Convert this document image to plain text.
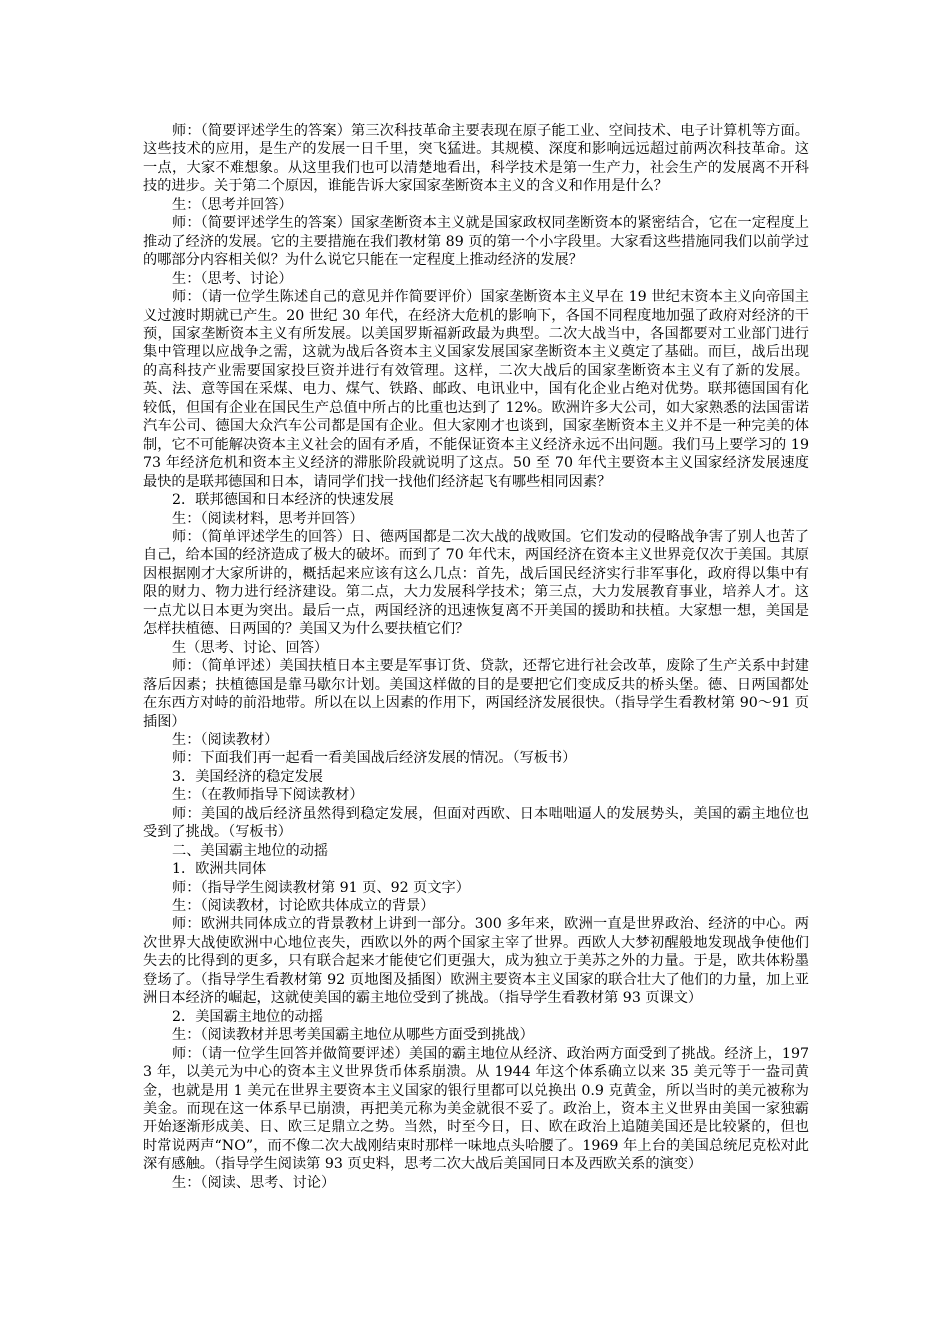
师：（简要评述学生的答案）第三次科技革命主要表现在原子能工业、空间技术、电子计算机等方面。这些技术的应用，是生产的发展一日千里，突飞猛进。其规模、深度和影响远远超过前两次科技革命。这一点，大家不难想象。从这里我们也可以清楚地看出，科学技术是第一生产力，社会生产的发展离不开科技的进步。关于第二个原因，谁能告诉大家国家垄断资本主义的含义和作用是什么？

生：（思考并回答）

师：（简要评述学生的答案）国家垄断资本主义就是国家政权同垄断资本的紧密结合，它在一定程度上推动了经济的发展。它的主要措施在我们教材第 89 页的第一个小字段里。大家看这些措施同我们以前学过的哪部分内容相关似？为什么说它只能在一定程度上推动经济的发展？

生：（思考、讨论）

师：（请一位学生陈述自己的意见并作简要评价）国家垄断资本主义早在 19 世纪末资本主义向帝国主义过渡时期就已产生。20 世纪 30 年代，在经济大危机的影响下，各国不同程度地加强了政府对经济的干预，国家垄断资本主义有所发展。以美国罗斯福新政最为典型。二次大战当中，各国都要对工业部门进行集中管理以应战争之需，这就为战后各资本主义国家发展国家垄断资本主义奠定了基础。而巨，战后出现的高科技产业需要国家投巨资并进行有效管理。这样，二次大战后的国家垄断资本主义有了新的发展。英、法、意等国在采煤、电力、煤气、铁路、邮政、电讯业中，国有化企业占绝对优势。联邦德国国有化较低，但国有企业在国民生产总值中所占的比重也达到了 12%。欧洲许多大公司，如大家熟悉的法国雷诺汽车公司、德国大众汽车公司都是国有企业。但大家刚才也谈到，国家垄断资本主义并不是一种完美的体制，它不可能解决资本主义社会的固有矛盾，不能保证资本主义经济永远不出问题。我们马上要学习的 1973 年经济危机和资本主义经济的滞胀阶段就说明了这点。50 至 70 年代主要资本主义国家经济发展速度最快的是联邦德国和日本，请同学们找一找他们经济起飞有哪些相同因素？

2．联邦德国和日本经济的快速发展

生：（阅读材料，思考并回答）

师：（简单评述学生的回答）日、德两国都是二次大战的战败国。它们发动的侵略战争害了别人也苦了自己，给本国的经济造成了极大的破坏。而到了 70 年代末，两国经济在资本主义世界竞仅次于美国。其原因根据刚才大家所讲的，概括起来应该有这么几点：首先，战后国民经济实行非军事化，政府得以集中有限的财力、物力进行经济建设。第二点，大力发展科学技术；第三点，大力发展教育事业，培养人才。这一点尤以日本更为突出。最后一点，两国经济的迅速恢复离不开美国的援助和扶植。大家想一想，美国是怎样扶植德、日两国的？美国又为什么要扶植它们？

生（思考、讨论、回答）

师：（简单评述）美国扶植日本主要是军事订货、贷款，还帮它进行社会改革，废除了生产关系中封建落后因素；扶植德国是靠马歇尔计划。美国这样做的目的是要把它们变成反共的桥头堡。德、日两国都处在东西方对峙的前沿地带。所以在以上因素的作用下，两国经济发展很快。（指导学生看教材第 90～91 页插图）

生：（阅读教材）

师：下面我们再一起看一看美国战后经济发展的情况。（写板书）

3．美国经济的稳定发展

生：（在教师指导下阅读教材）

师：美国的战后经济虽然得到稳定发展，但面对西欧、日本咄咄逼人的发展势头，美国的霸主地位也受到了挑战。（写板书）

二、美国霸主地位的动摇

1．欧洲共同体

师：（指导学生阅读教材第 91 页、92 页文字）

生：（阅读教材，讨论欧共体成立的背景）

师：欧洲共同体成立的背景教材上讲到一部分。300 多年来，欧洲一直是世界政治、经济的中心。两次世界大战使欧洲中心地位丧失，西欧以外的两个国家主宰了世界。西欧人大梦初醒般地发现战争使他们失去的比得到的更多，只有联合起来才能使它们更强大，成为独立于美苏之外的力量。于是，欧共体粉墨登场了。（指导学生看教材第 92 页地图及插图）欧洲主要资本主义国家的联合壮大了他们的力量，加上亚洲日本经济的崛起，这就使美国的霸主地位受到了挑战。（指导学生看教材第 93 页课文）

2．美国霸主地位的动摇

生：（阅读教材并思考美国霸主地位从哪些方面受到挑战）

师：（请一位学生回答并做简要评述）美国的霸主地位从经济、政治两方面受到了挑战。经济上，1973 年，以美元为中心的资本主义世界货币体系崩溃。从 1944 年这个体系确立以来 35 美元等于一盎司黄金，也就是用 1 美元在世界主要资本主义国家的银行里都可以兑换出 0.9 克黄金，所以当时的美元被称为美金。而现在这一体系早已崩溃，再把美元称为美金就很不妥了。政治上，资本主义世界由美国一家独霸开始逐渐形成美、日、欧三足鼎立之势。当然，时至今日，日、欧在政治上追随美国还是比较紧的，但也时常说两声“NO”，而不像二次大战刚结束时那样一味地点头哈腰了。1969 年上台的美国总统尼克松对此深有感触。（指导学生阅读第 93 页史料，思考二次大战后美国同日本及西欧关系的演变）

生：（阅读、思考、讨论）
